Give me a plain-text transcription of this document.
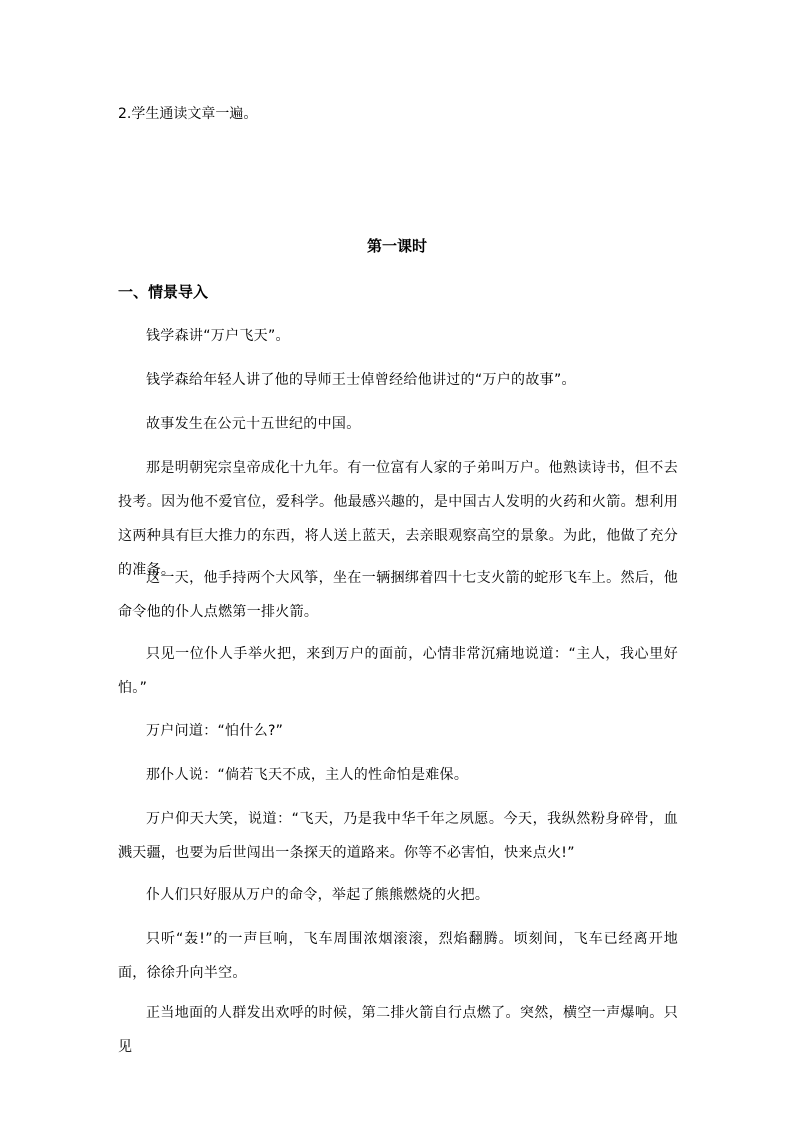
2.学生通读文章一遍。
第一课时
一、情景导入
钱学森讲“万户飞天”。
钱学森给年轻人讲了他的导师王士倬曾经给他讲过的“万户的故事”。
故事发生在公元十五世纪的中国。
那是明朝宪宗皇帝成化十九年。有一位富有人家的子弟叫万户。他熟读诗书，但不去投考。因为他不爱官位，爱科学。他最感兴趣的，是中国古人发明的火药和火箭。想利用这两种具有巨大推力的东西，将人送上蓝天，去亲眼观察高空的景象。为此，他做了充分的准备。
这一天，他手持两个大风筝，坐在一辆捆绑着四十七支火箭的蛇形飞车上。然后，他命令他的仆人点燃第一排火箭。
只见一位仆人手举火把，来到万户的面前，心情非常沉痛地说道：“主人，我心里好怕。”
万户问道：“怕什么?”
那仆人说：“倘若飞天不成，主人的性命怕是难保。
万户仰天大笑，说道：“飞天，乃是我中华千年之夙愿。今天，我纵然粉身碎骨，血溅天疆，也要为后世闯出一条探天的道路来。你等不必害怕，快来点火!”
仆人们只好服从万户的命令，举起了熊熊燃烧的火把。
只听“轰!”的一声巨响，飞车周围浓烟滚滚，烈焰翻腾。顷刻间，飞车已经离开地面，徐徐升向半空。
正当地面的人群发出欢呼的时候，第二排火箭自行点燃了。突然，横空一声爆响。只见
